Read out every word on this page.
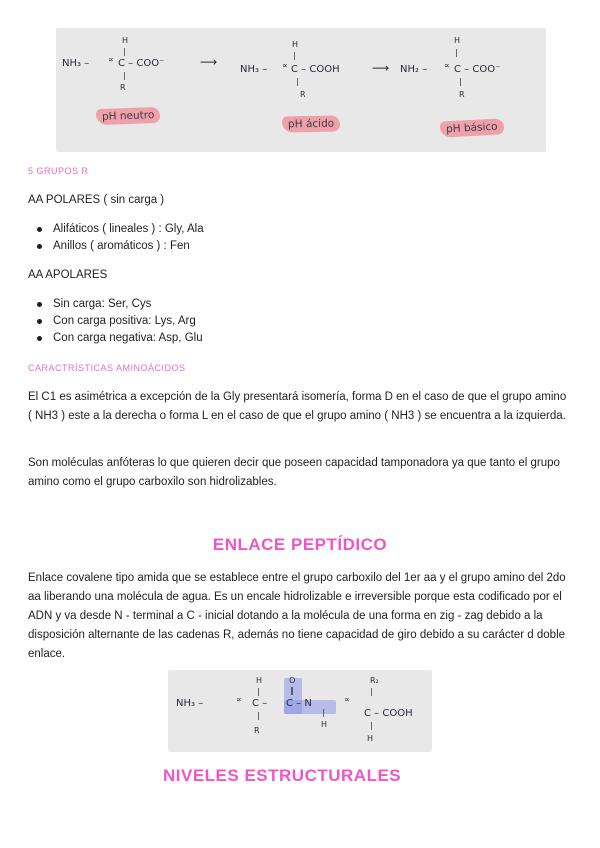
H
|
NH₃ – ∝ C – COO⁻
|
R
⟶
H
|
NH₃ – ∝ C – COOH
|
R
⟶
H
|
NH₂ – ∝ C – COO⁻
|
R
pH neutro
pH ácido	pH básico
5 GRUPOS R
AA POLARES ( sin carga )
Alifáticos ( lineales ) : Gly, Ala
Anillos ( aromáticos ) : Fen
AA APOLARES
Sin carga: Ser, Cys
Con carga positiva: Lys, Arg
Con carga negativa: Asp, Glu
CARACTRÍSTICAS AMINOÁCIDOS
El C1 es asimétrica a excepción de la Gly presentará isomería, forma D en el caso de que el grupo amino ( NH3 ) este a la derecha o forma L en el caso de que el grupo amino ( NH3 ) se encuentra a la izquierda.
Son moléculas anfóteras lo que quieren decir que poseen capacidad tamponadora ya que tanto el grupo amino como el grupo carboxilo son hidrolizables.
ENLACE PEPTÍDICO
Enlace covalene tipo amida que se establece entre el grupo carboxilo del 1er aa y el grupo amino del 2do aa liberando una molécula de agua. Es un encale hidrolizable e irreversible porque esta codificado por el ADN y va desde N - terminal a C - inicial dotando a la molécula de una forma en zig - zag debido a la disposición alternante de las cadenas R, además no tiene capacidad de giro debido a su carácter d doble enlace.
H
|
NH₃ –	∝ C –
|
R
O
‖
C – N
|
H
∝
R₂
|
C – COOH
|
H
NIVELES ESTRUCTURALES
